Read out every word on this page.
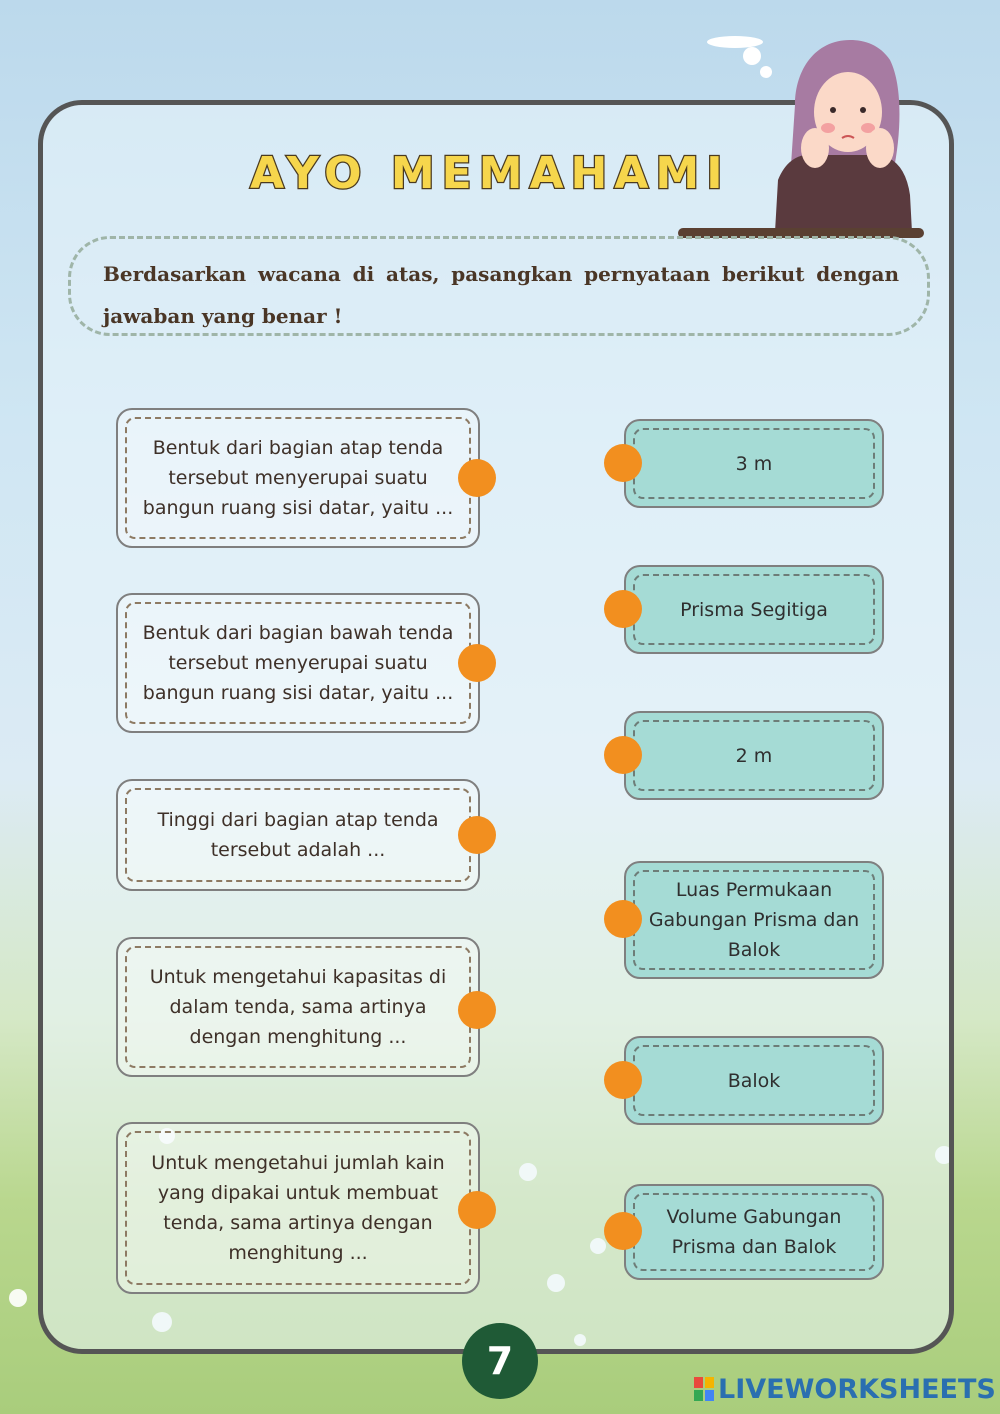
AYO MEMAHAMI
Berdasarkan wacana di atas, pasangkan pernyataan berikut dengan jawaban yang benar !
Bentuk dari bagian atap tenda tersebut menyerupai suatu bangun ruang sisi datar, yaitu ...
Bentuk dari bagian bawah tenda tersebut menyerupai suatu bangun ruang sisi datar, yaitu ...
Tinggi dari bagian atap tenda tersebut adalah ...
Untuk mengetahui kapasitas di dalam tenda, sama artinya dengan menghitung ...
Untuk mengetahui jumlah kain yang dipakai untuk membuat tenda, sama artinya dengan menghitung ...
3 m
Prisma Segitiga
2 m
Luas Permukaan Gabungan Prisma dan Balok
Balok
Volume Gabungan Prisma dan Balok
7
LIVEWORKSHEETS
